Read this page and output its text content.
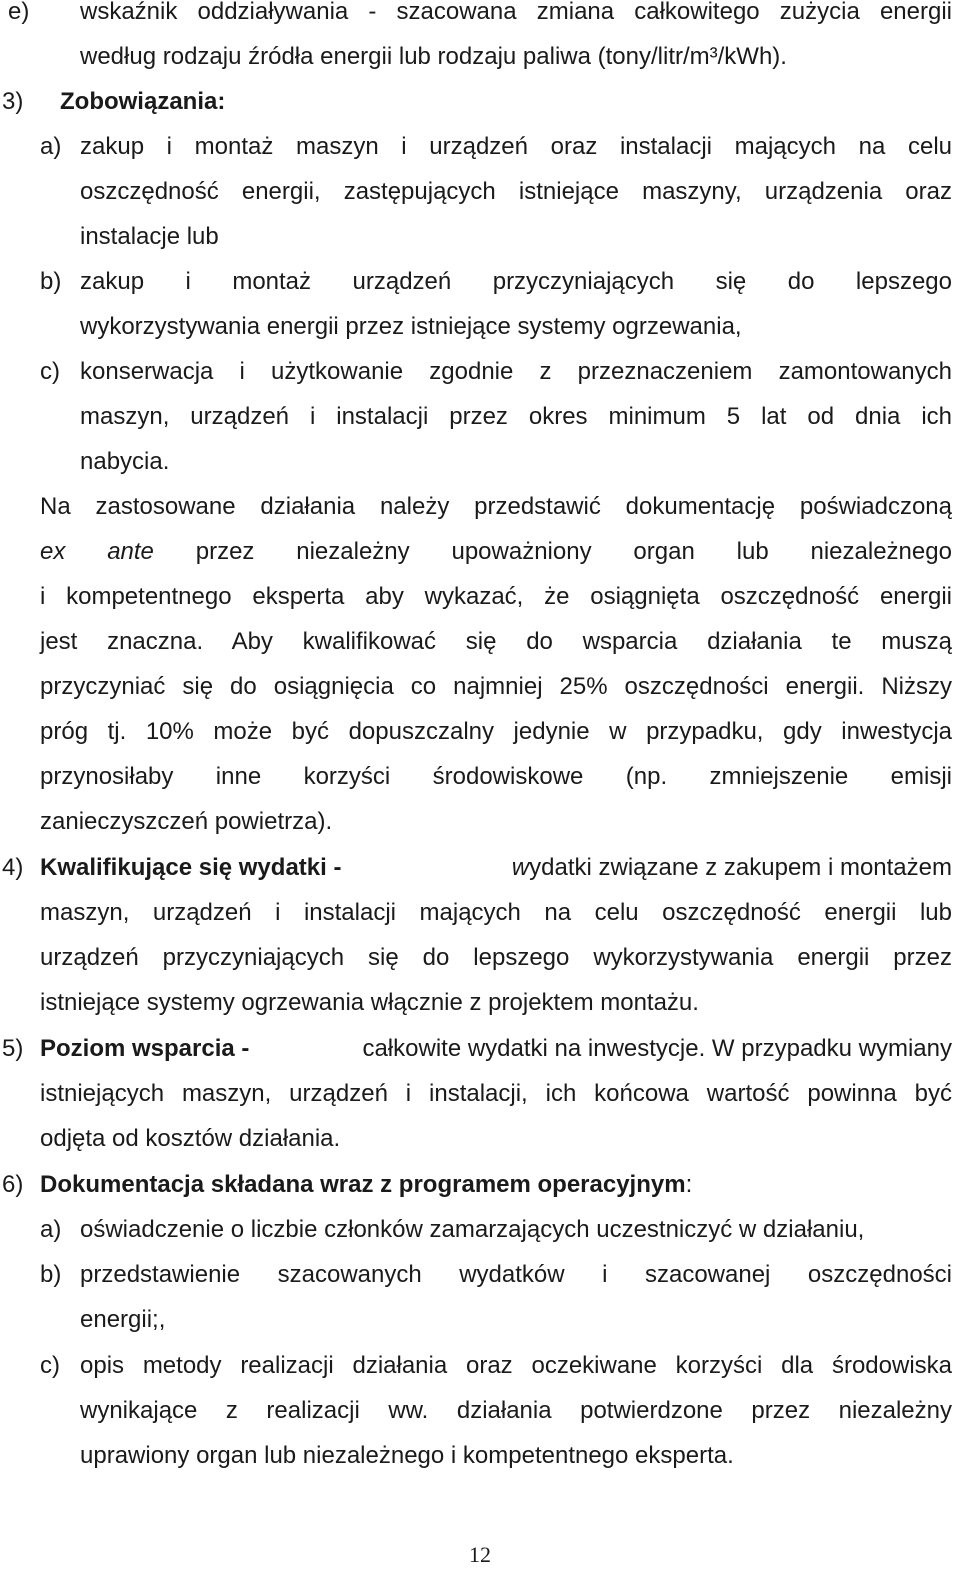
e) wskaźnik oddziaływania - szacowana zmiana całkowitego zużycia energii
według rodzaju źródła energii lub rodzaju paliwa (tony/litr/m³/kWh).
3) Zobowiązania:
a) zakup i montaż maszyn i urządzeń oraz instalacji mających na celu
oszczędność energii, zastępujących istniejące maszyny, urządzenia oraz
instalacje lub
b) zakup i montaż urządzeń przyczyniających się do lepszego
wykorzystywania energii przez istniejące systemy ogrzewania,
c) konserwacja i użytkowanie zgodnie z przeznaczeniem zamontowanych
maszyn, urządzeń i instalacji przez okres minimum 5 lat od dnia ich
nabycia.
Na zastosowane działania należy przedstawić dokumentację poświadczoną
ex ante przez niezależny upoważniony organ lub niezależnego
i kompetentnego eksperta aby wykazać, że osiągnięta oszczędność energii
jest znaczna. Aby kwalifikować się do wsparcia działania te muszą
przyczyniać się do osiągnięcia co najmniej 25% oszczędności energii. Niższy
próg tj. 10% może być dopuszczalny jedynie w przypadku, gdy inwestycja
przynosiłaby inne korzyści środowiskowe (np. zmniejszenie emisji
zanieczyszczeń powietrza).
4) Kwalifikujące się wydatki -	wydatki związane z zakupem i montażem
maszyn, urządzeń i instalacji mających na celu oszczędność energii lub
urządzeń przyczyniających się do lepszego wykorzystywania energii przez
istniejące systemy ogrzewania włącznie z projektem montażu.
5) Poziom wsparcia -	całkowite wydatki na inwestycje. W przypadku wymiany
istniejących maszyn, urządzeń i instalacji, ich końcowa wartość powinna być
odjęta od kosztów działania.
6) Dokumentacja składana wraz z programem operacyjnym:
a) oświadczenie o liczbie członków zamarzających uczestniczyć w działaniu,
b) przedstawienie szacowanych wydatków i szacowanej oszczędności
energii;,
c) opis metody realizacji działania oraz oczekiwane korzyści dla środowiska
wynikające z realizacji ww. działania potwierdzone przez niezależny
uprawiony organ lub niezależnego i kompetentnego eksperta.
12
